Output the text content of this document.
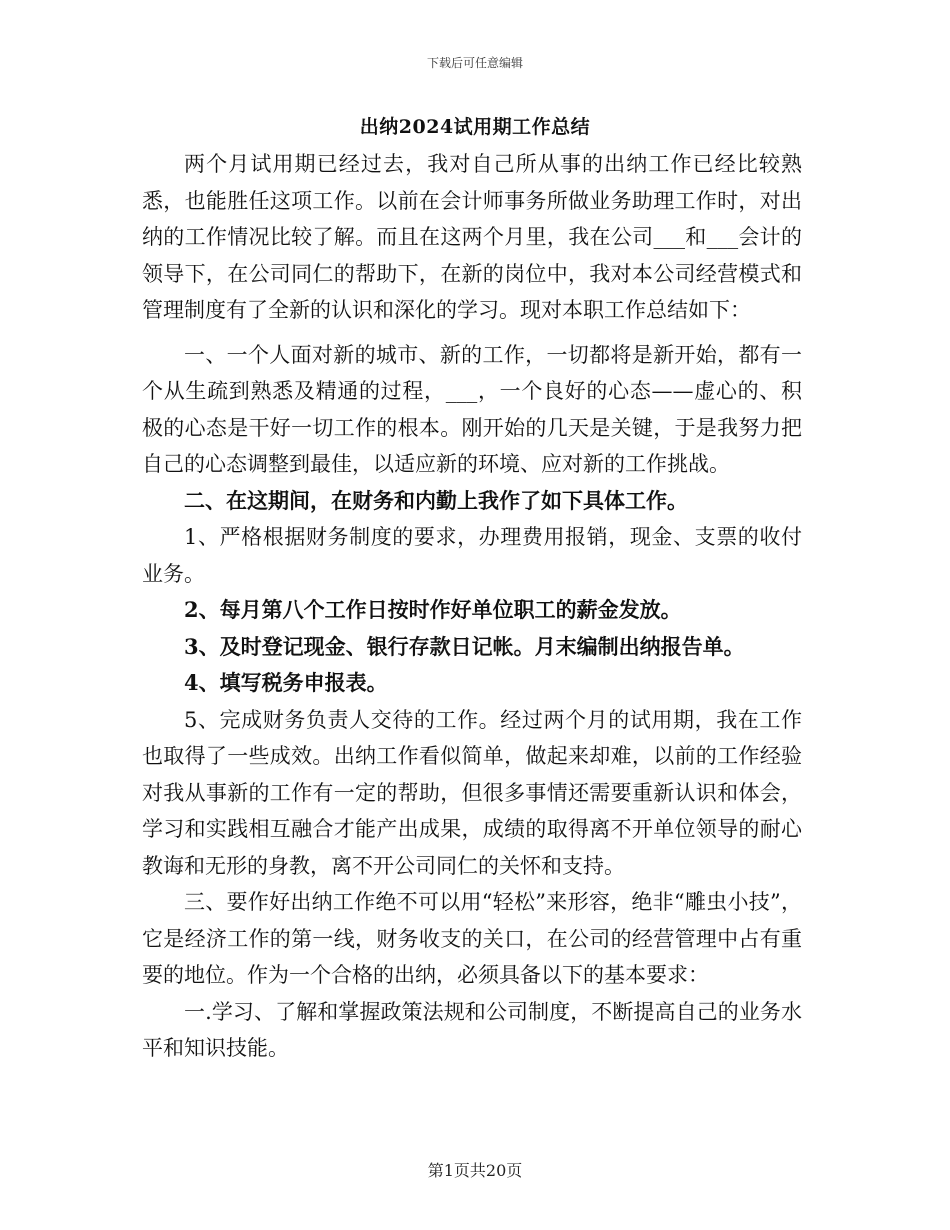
下载后可任意编辑
出纳2024试用期工作总结

两个月试用期已经过去，我对自己所从事的出纳工作已经比较熟悉，也能胜任这项工作。以前在会计师事务所做业务助理工作时，对出纳的工作情况比较了解。而且在这两个月里，我在公司___和___会计的领导下，在公司同仁的帮助下，在新的岗位中，我对本公司经营模式和管理制度有了全新的认识和深化的学习。现对本职工作总结如下：

一、一个人面对新的城市、新的工作，一切都将是新开始，都有一个从生疏到熟悉及精通的过程，___，一个良好的心态——虚心的、积极的心态是干好一切工作的根本。刚开始的几天是关键，于是我努力把自己的心态调整到最佳，以适应新的环境、应对新的工作挑战。

二、在这期间，在财务和内勤上我作了如下具体工作。

1、严格根据财务制度的要求，办理费用报销，现金、支票的收付业务。

2、每月第八个工作日按时作好单位职工的薪金发放。

3、及时登记现金、银行存款日记帐。月末编制出纳报告单。

4、填写税务申报表。

5、完成财务负责人交待的工作。经过两个月的试用期，我在工作也取得了一些成效。出纳工作看似简单，做起来却难，以前的工作经验对我从事新的工作有一定的帮助，但很多事情还需要重新认识和体会，学习和实践相互融合才能产出成果，成绩的取得离不开单位领导的耐心教诲和无形的身教，离不开公司同仁的关怀和支持。

三、要作好出纳工作绝不可以用“轻松”来形容，绝非“雕虫小技”，它是经济工作的第一线，财务收支的关口，在公司的经营管理中占有重要的地位。作为一个合格的出纳，必须具备以下的基本要求：

一.学习、了解和掌握政策法规和公司制度，不断提高自己的业务水平和知识技能。

第1页共20页
